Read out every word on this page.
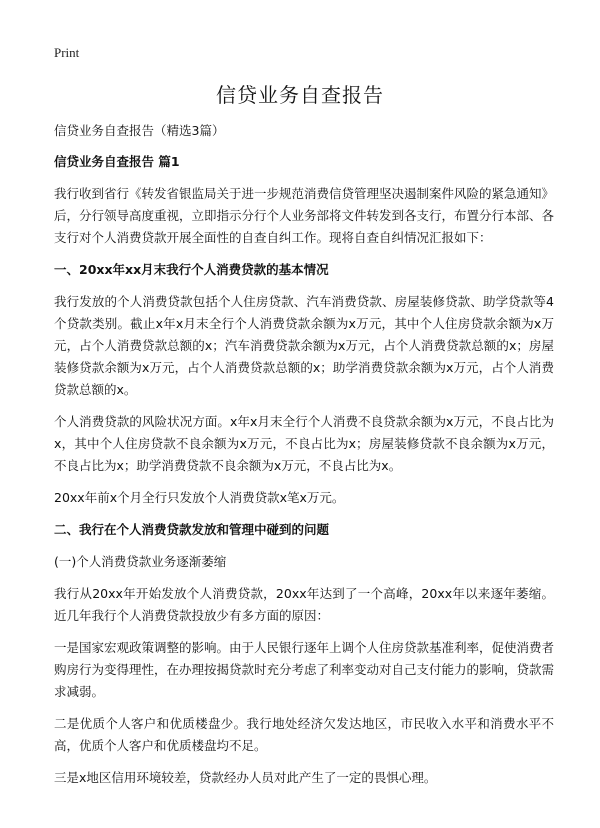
Print
信贷业务自查报告

信贷业务自查报告（精选3篇）

信贷业务自查报告 篇1

我行收到省行《转发省银监局关于进一步规范消费信贷管理坚决遏制案件风险的紧急通知》后，分行领导高度重视，立即指示分行个人业务部将文件转发到各支行，布置分行本部、各支行对个人消费贷款开展全面性的自查自纠工作。现将自查自纠情况汇报如下：

一、20xx年xx月末我行个人消费贷款的基本情况

我行发放的个人消费贷款包括个人住房贷款、汽车消费贷款、房屋装修贷款、助学贷款等4个贷款类别。截止x年x月末全行个人消费贷款余额为x万元，其中个人住房贷款余额为x万元，占个人消费贷款总额的x；汽车消费贷款余额为x万元，占个人消费贷款总额的x；房屋装修贷款余额为x万元，占个人消费贷款总额的x；助学消费贷款余额为x万元，占个人消费贷款总额的x。

个人消费贷款的风险状况方面。x年x月末全行个人消费不良贷款余额为x万元，不良占比为x，其中个人住房贷款不良余额为x万元，不良占比为x；房屋装修贷款不良余额为x万元，不良占比为x；助学消费贷款不良余额为x万元，不良占比为x。

20xx年前x个月全行只发放个人消费贷款x笔x万元。

二、我行在个人消费贷款发放和管理中碰到的问题

(一)个人消费贷款业务逐渐萎缩

我行从20xx年开始发放个人消费贷款，20xx年达到了一个高峰，20xx年以来逐年萎缩。近几年我行个人消费贷款投放少有多方面的原因：

一是国家宏观政策调整的影响。由于人民银行逐年上调个人住房贷款基准利率，促使消费者购房行为变得理性，在办理按揭贷款时充分考虑了利率变动对自己支付能力的影响，贷款需求减弱。

二是优质个人客户和优质楼盘少。我行地处经济欠发达地区，市民收入水平和消费水平不高，优质个人客户和优质楼盘均不足。

三是x地区信用环境较差，贷款经办人员对此产生了一定的畏惧心理。
